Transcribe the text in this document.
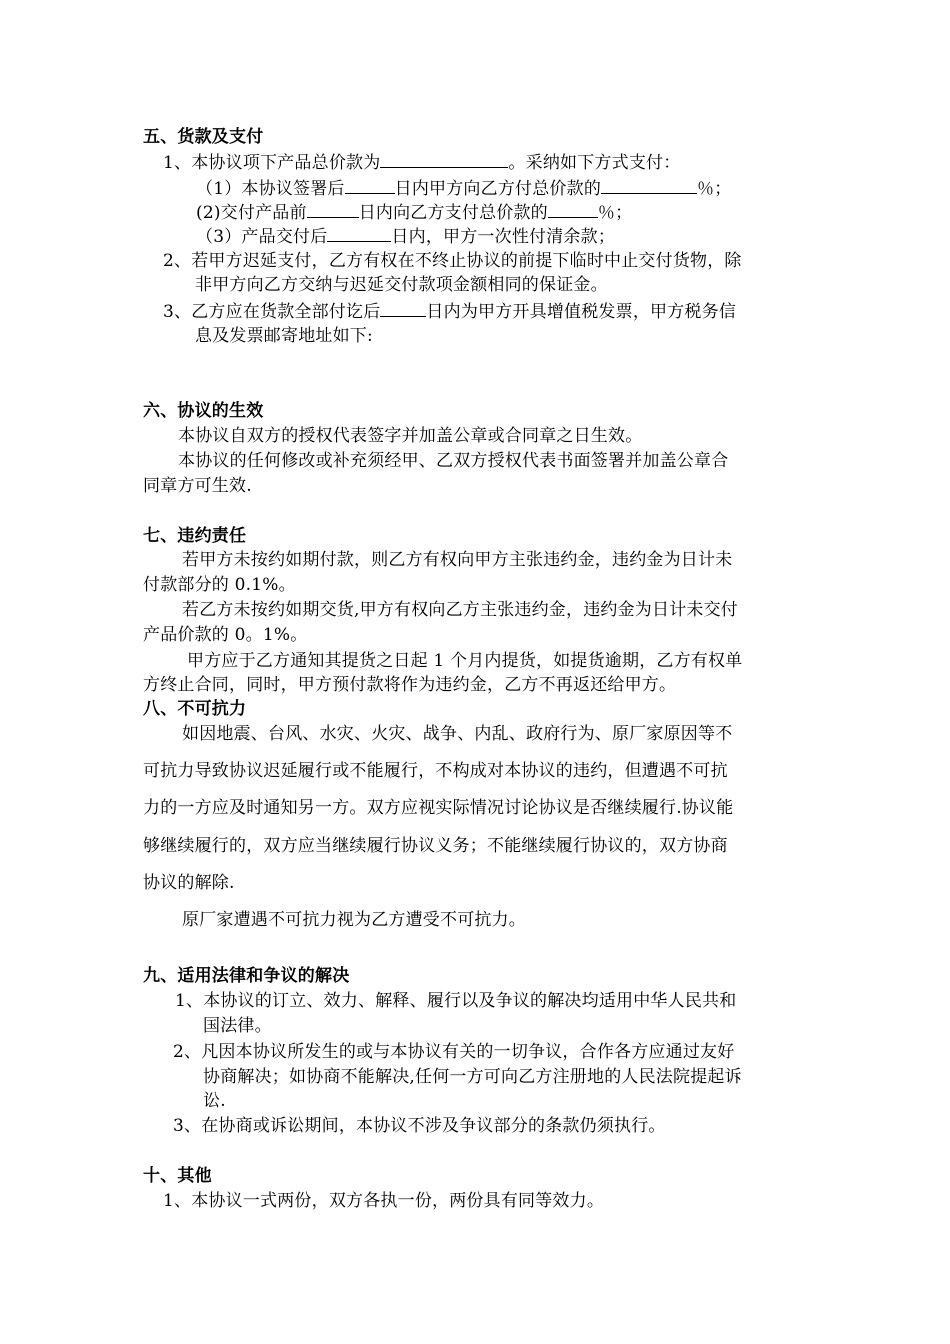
五、货款及支付
1、本协议项下产品总价款为	。采纳如下方式支付：
（1）本协议签署后	日内甲方向乙方付总价款的	％；
(2)交付产品前	日内向乙方支付总价款的	％；
（3）产品交付后	日内，甲方一次性付清余款；
2、若甲方迟延支付，乙方有权在不终止协议的前提下临时中止交付货物，除
非甲方向乙方交纳与迟延交付款项金额相同的保证金。
3、乙方应在货款全部付讫后	日内为甲方开具增值税发票，甲方税务信
息及发票邮寄地址如下:
六、协议的生效
本协议自双方的授权代表签字并加盖公章或合同章之日生效。
本协议的任何修改或补充须经甲、乙双方授权代表书面签署并加盖公章合
同章方可生效.
七、违约责任
若甲方未按约如期付款，则乙方有权向甲方主张违约金，违约金为日计未
付款部分的 0.1%。
若乙方未按约如期交货,甲方有权向乙方主张违约金，违约金为日计未交付
产品价款的 0。1%。
甲方应于乙方通知其提货之日起 1 个月内提货，如提货逾期，乙方有权单
方终止合同，同时，甲方预付款将作为违约金，乙方不再返还给甲方。
八、不可抗力
如因地震、台风、水灾、火灾、战争、内乱、政府行为、原厂家原因等不
可抗力导致协议迟延履行或不能履行，不构成对本协议的违约，但遭遇不可抗
力的一方应及时通知另一方。双方应视实际情况讨论协议是否继续履行.协议能
够继续履行的，双方应当继续履行协议义务；不能继续履行协议的，双方协商
协议的解除.
原厂家遭遇不可抗力视为乙方遭受不可抗力。
九、适用法律和争议的解决
1、本协议的订立、效力、解释、履行以及争议的解决均适用中华人民共和
国法律。
2、凡因本协议所发生的或与本协议有关的一切争议，合作各方应通过友好
协商解决；如协商不能解决,任何一方可向乙方注册地的人民法院提起诉
讼.
3、在协商或诉讼期间，本协议不涉及争议部分的条款仍须执行。
十、其他
1、本协议一式两份，双方各执一份，两份具有同等效力。
